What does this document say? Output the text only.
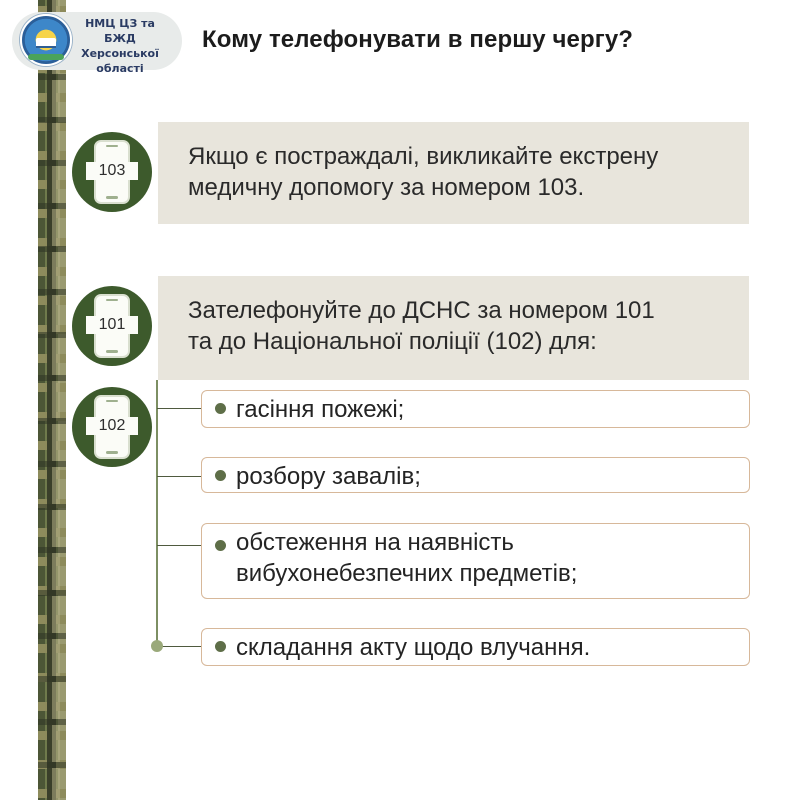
НМЦ ЦЗ та БЖД
Херсонської
області
Кому телефонувати в першу чергу?
103
101
102
Якщо є постраждалі, викликайте екстрену
медичну допомогу за номером 103.
Зателефонуйте до ДСНС за номером 101
та до Національної поліції (102) для:
гасіння пожежі;
розбору завалів;
обстеження на наявність
вибухонебезпечних предметів;
складання акту щодо влучання.
